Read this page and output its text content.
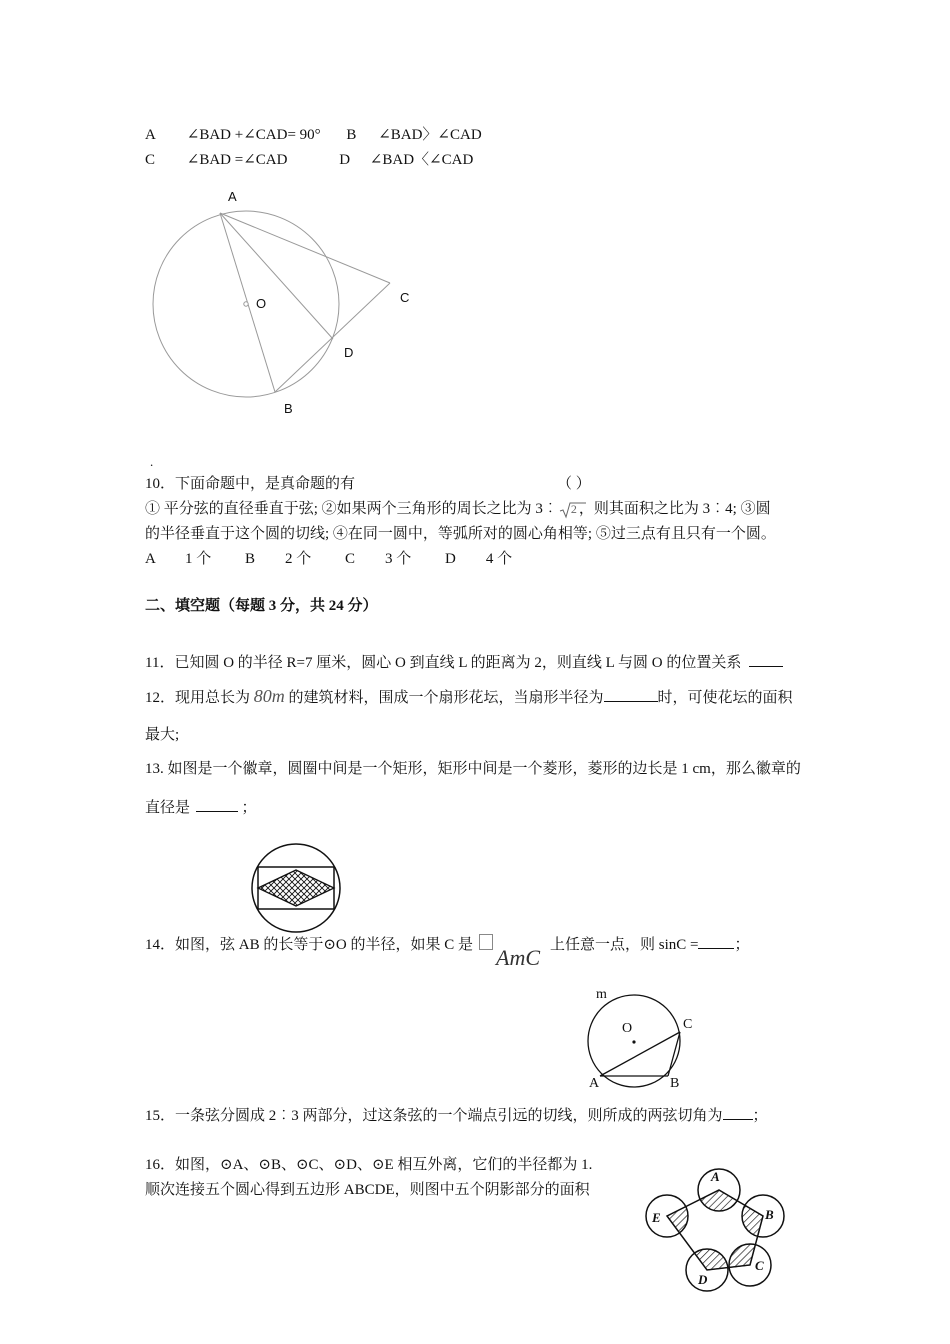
A ∠BAD +∠CAD= 90° B ∠BAD〉∠CAD
C ∠BAD =∠CAD	D ∠BAD〈∠CAD
A
O	C
D
B
.
10．下面命题中，是真命题的有	（ ）
① 平分弦的直径垂直于弦; ②如果两个三角形的周长之比为 3︰ 2 ，则其面积之比为 3︰4; ③圆
的半径垂直于这个圆的切线; ④在同一圆中，等弧所对的圆心角相等; ⑤过三点有且只有一个圆。
A　　1 个 B　　2 个 C　　3 个 D　　4 个
二、填空题（每题 3 分，共 24 分）
11．已知圆 O 的半径 R=7 厘米，圆心 O 到直线 L 的距离为 2，则直线 L 与圆 O 的位置关系
12．现用总长为 80m 的建筑材料，围成一个扇形花坛，当扇形半径为	时，可使花坛的面积
最大;
13. 如图是一个徽章，圆圈中间是一个矩形，矩形中间是一个菱形，菱形的边长是 1 cm，那么徽章的
直径是	；
14．如图，弦 AB 的长等于⊙O 的半径，如果 C 是	AmC 上任意一点，则 sinC = ；
m
O	C
A	B
15．一条弦分圆成 2︰3 两部分，过这条弦的一个端点引远的切线，则所成的两弦切角为 ；
16．如图，⊙A、⊙B、⊙C、⊙D、⊙E 相互外离，它们的半径都为 1.
顺次连接五个圆心得到五边形 ABCDE，则图中五个阴影部分的面积
A
B
C
D
E
